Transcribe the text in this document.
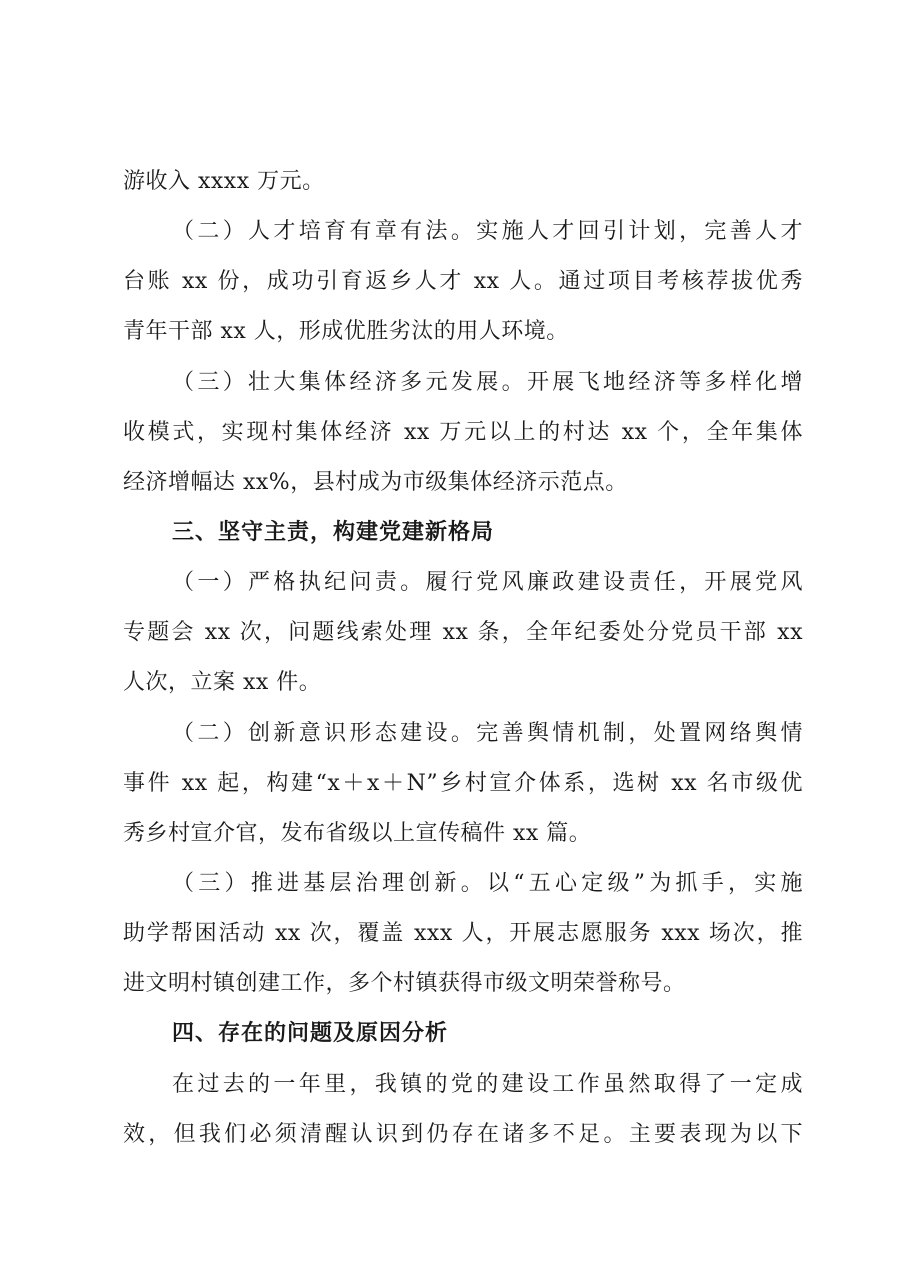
游收入 xxxx 万元。
（二）人才培育有章有法。实施人才回引计划，完善人才
台账 xx 份，成功引育返乡人才 xx 人。通过项目考核荐拔优秀
青年干部 xx 人，形成优胜劣汰的用人环境。
（三）壮大集体经济多元发展。开展飞地经济等多样化增
收模式，实现村集体经济 xx 万元以上的村达 xx 个，全年集体
经济增幅达 xx%，县村成为市级集体经济示范点。
三、坚守主责，构建党建新格局
（一）严格执纪问责。履行党风廉政建设责任，开展党风
专题会 xx 次，问题线索处理 xx 条，全年纪委处分党员干部 xx
人次，立案 xx 件。
（二）创新意识形态建设。完善舆情机制，处置网络舆情
事件 xx 起，构建“x＋x＋N”乡村宣介体系，选树 xx 名市级优
秀乡村宣介官，发布省级以上宣传稿件 xx 篇。
（三）推进基层治理创新。以“五心定级”为抓手，实施
助学帮困活动 xx 次，覆盖 xxx 人，开展志愿服务 xxx 场次，推
进文明村镇创建工作，多个村镇获得市级文明荣誉称号。
四、存在的问题及原因分析
在过去的一年里，我镇的党的建设工作虽然取得了一定成
效，但我们必须清醒认识到仍存在诸多不足。主要表现为以下
